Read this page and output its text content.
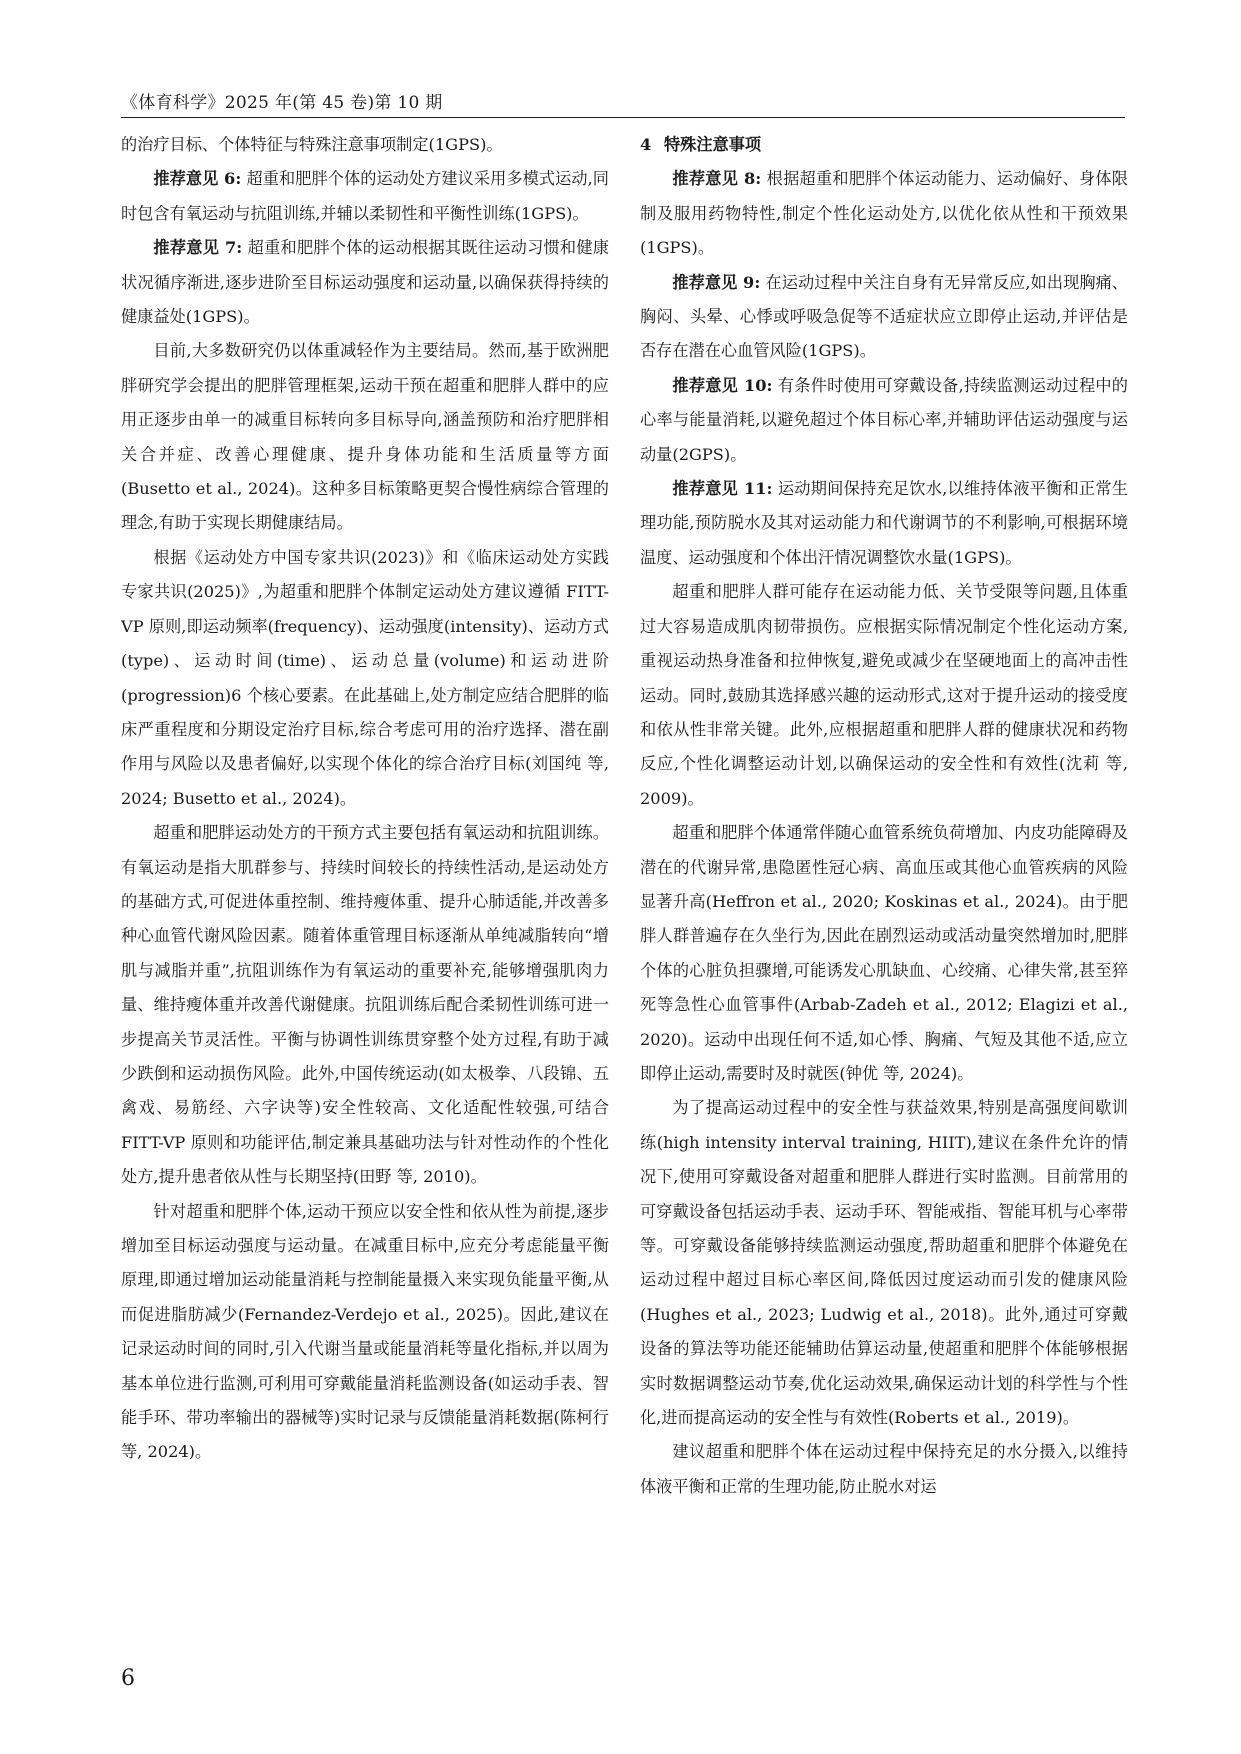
《体育科学》2025 年(第 45 卷)第 10 期

的治疗目标、个体特征与特殊注意事项制定(1GPS)。

推荐意见 6: 超重和肥胖个体的运动处方建议采用多模式运动,同时包含有氧运动与抗阻训练,并辅以柔韧性和平衡性训练(1GPS)。

推荐意见 7: 超重和肥胖个体的运动根据其既往运动习惯和健康状况循序渐进,逐步进阶至目标运动强度和运动量,以确保获得持续的健康益处(1GPS)。

目前,大多数研究仍以体重减轻作为主要结局。然而,基于欧洲肥胖研究学会提出的肥胖管理框架,运动干预在超重和肥胖人群中的应用正逐步由单一的减重目标转向多目标导向,涵盖预防和治疗肥胖相关合并症、改善心理健康、提升身体功能和生活质量等方面(Busetto et al., 2024)。这种多目标策略更契合慢性病综合管理的理念,有助于实现长期健康结局。

根据《运动处方中国专家共识(2023)》和《临床运动处方实践专家共识(2025)》,为超重和肥胖个体制定运动处方建议遵循 FITT-VP 原则,即运动频率(frequency)、运动强度(intensity)、运动方式(type)、运动时间(time)、运动总量(volume)和运动进阶(progression)6 个核心要素。在此基础上,处方制定应结合肥胖的临床严重程度和分期设定治疗目标,综合考虑可用的治疗选择、潜在副作用与风险以及患者偏好,以实现个体化的综合治疗目标(刘国纯 等, 2024; Busetto et al., 2024)。

超重和肥胖运动处方的干预方式主要包括有氧运动和抗阻训练。有氧运动是指大肌群参与、持续时间较长的持续性活动,是运动处方的基础方式,可促进体重控制、维持瘦体重、提升心肺适能,并改善多种心血管代谢风险因素。随着体重管理目标逐渐从单纯减脂转向“增肌与减脂并重”,抗阻训练作为有氧运动的重要补充,能够增强肌肉力量、维持瘦体重并改善代谢健康。抗阻训练后配合柔韧性训练可进一步提高关节灵活性。平衡与协调性训练贯穿整个处方过程,有助于减少跌倒和运动损伤风险。此外,中国传统运动(如太极拳、八段锦、五禽戏、易筋经、六字诀等)安全性较高、文化适配性较强,可结合 FITT-VP 原则和功能评估,制定兼具基础功法与针对性动作的个性化处方,提升患者依从性与长期坚持(田野 等, 2010)。

针对超重和肥胖个体,运动干预应以安全性和依从性为前提,逐步增加至目标运动强度与运动量。在减重目标中,应充分考虑能量平衡原理,即通过增加运动能量消耗与控制能量摄入来实现负能量平衡,从而促进脂肪减少(Fernandez-Verdejo et al., 2025)。因此,建议在记录运动时间的同时,引入代谢当量或能量消耗等量化指标,并以周为基本单位进行监测,可利用可穿戴能量消耗监测设备(如运动手表、智能手环、带功率输出的器械等)实时记录与反馈能量消耗数据(陈柯行 等, 2024)。

4 特殊注意事项

推荐意见 8: 根据超重和肥胖个体运动能力、运动偏好、身体限制及服用药物特性,制定个性化运动处方,以优化依从性和干预效果(1GPS)。

推荐意见 9: 在运动过程中关注自身有无异常反应,如出现胸痛、胸闷、头晕、心悸或呼吸急促等不适症状应立即停止运动,并评估是否存在潜在心血管风险(1GPS)。

推荐意见 10: 有条件时使用可穿戴设备,持续监测运动过程中的心率与能量消耗,以避免超过个体目标心率,并辅助评估运动强度与运动量(2GPS)。

推荐意见 11: 运动期间保持充足饮水,以维持体液平衡和正常生理功能,预防脱水及其对运动能力和代谢调节的不利影响,可根据环境温度、运动强度和个体出汗情况调整饮水量(1GPS)。

超重和肥胖人群可能存在运动能力低、关节受限等问题,且体重过大容易造成肌肉韧带损伤。应根据实际情况制定个性化运动方案,重视运动热身准备和拉伸恢复,避免或减少在坚硬地面上的高冲击性运动。同时,鼓励其选择感兴趣的运动形式,这对于提升运动的接受度和依从性非常关键。此外,应根据超重和肥胖人群的健康状况和药物反应,个性化调整运动计划,以确保运动的安全性和有效性(沈莉 等, 2009)。

超重和肥胖个体通常伴随心血管系统负荷增加、内皮功能障碍及潜在的代谢异常,患隐匿性冠心病、高血压或其他心血管疾病的风险显著升高(Heffron et al., 2020; Koskinas et al., 2024)。由于肥胖人群普遍存在久坐行为,因此在剧烈运动或活动量突然增加时,肥胖个体的心脏负担骤增,可能诱发心肌缺血、心绞痛、心律失常,甚至猝死等急性心血管事件(Arbab-Zadeh et al., 2012; Elagizi et al., 2020)。运动中出现任何不适,如心悸、胸痛、气短及其他不适,应立即停止运动,需要时及时就医(钟优 等, 2024)。

为了提高运动过程中的安全性与获益效果,特别是高强度间歇训练(high intensity interval training, HIIT),建议在条件允许的情况下,使用可穿戴设备对超重和肥胖人群进行实时监测。目前常用的可穿戴设备包括运动手表、运动手环、智能戒指、智能耳机与心率带等。可穿戴设备能够持续监测运动强度,帮助超重和肥胖个体避免在运动过程中超过目标心率区间,降低因过度运动而引发的健康风险(Hughes et al., 2023; Ludwig et al., 2018)。此外,通过可穿戴设备的算法等功能还能辅助估算运动量,使超重和肥胖个体能够根据实时数据调整运动节奏,优化运动效果,确保运动计划的科学性与个性化,进而提高运动的安全性与有效性(Roberts et al., 2019)。

建议超重和肥胖个体在运动过程中保持充足的水分摄入,以维持体液平衡和正常的生理功能,防止脱水对运

6
